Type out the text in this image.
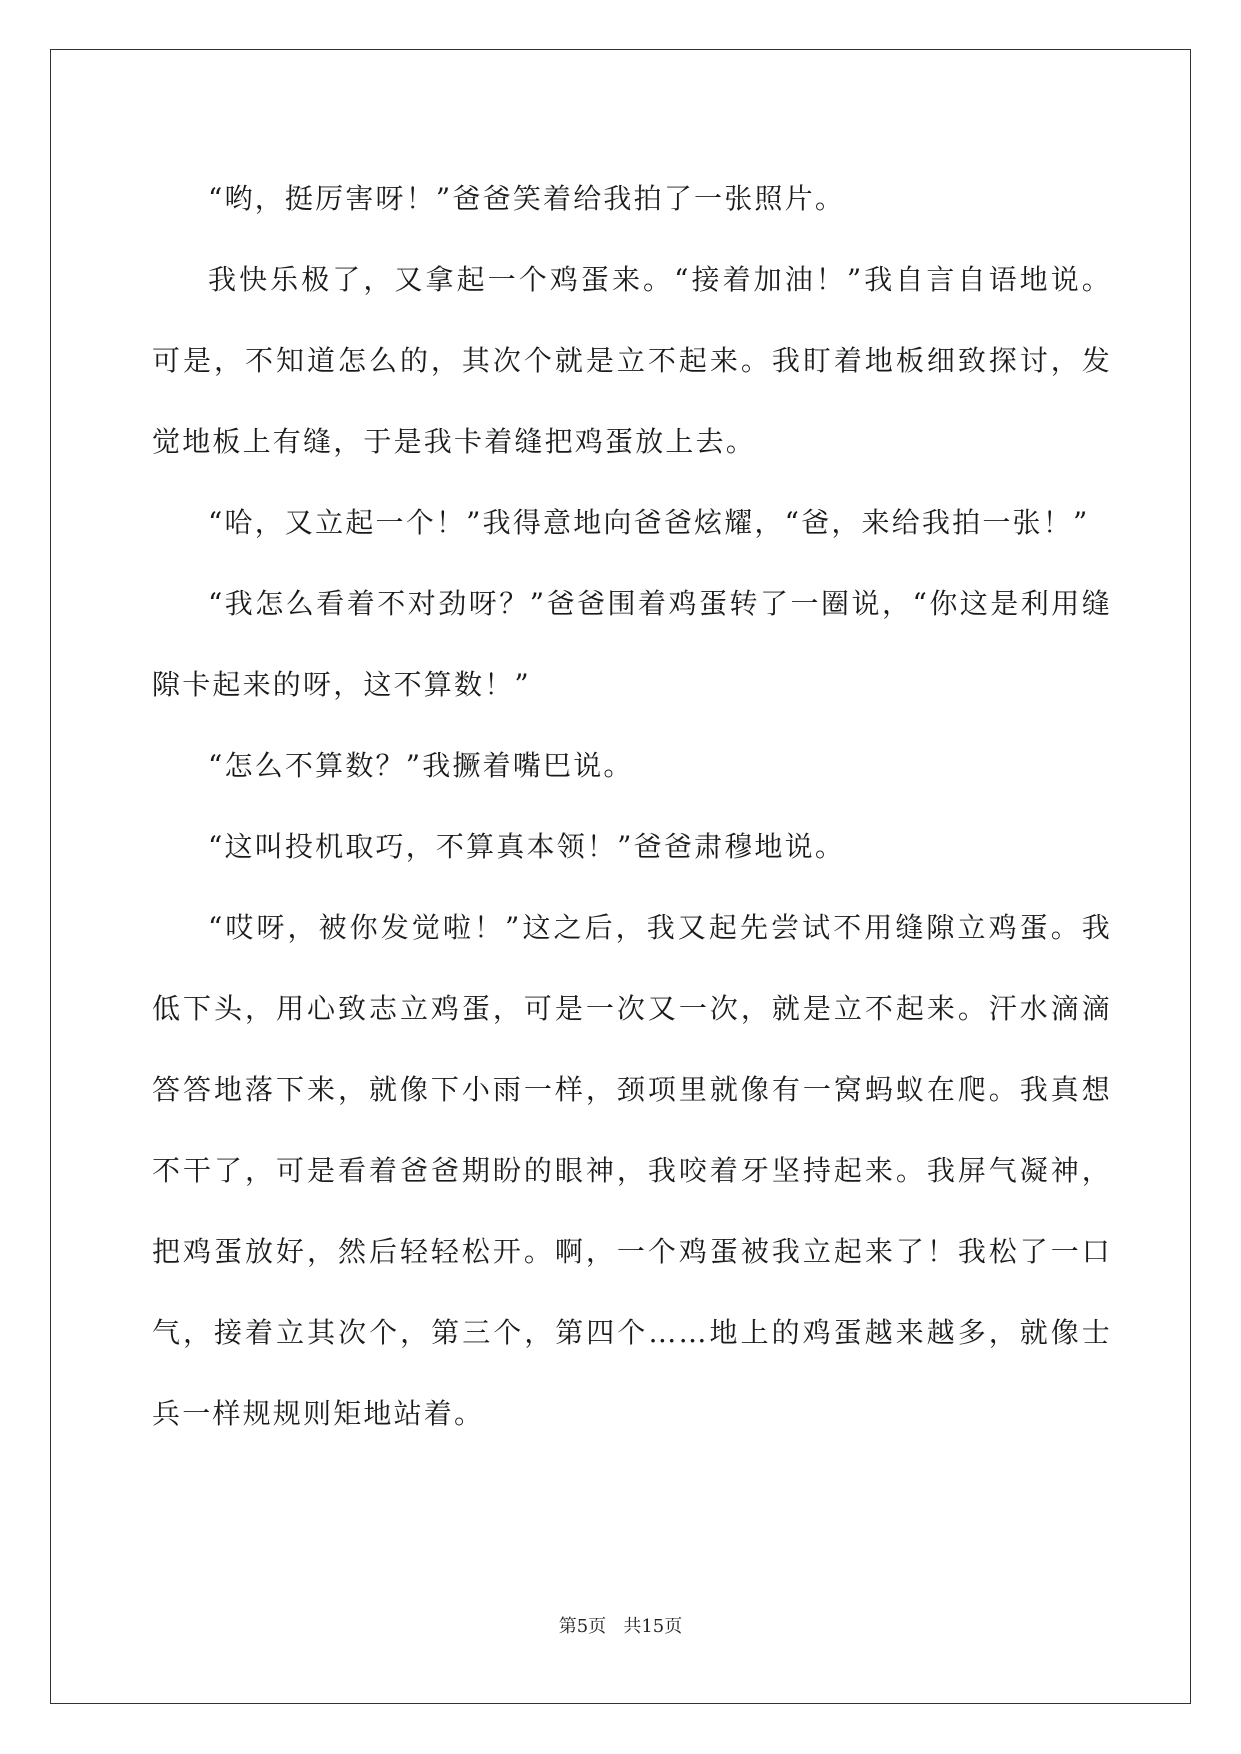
“哟，挺厉害呀！”爸爸笑着给我拍了一张照片。

我快乐极了，又拿起一个鸡蛋来。“接着加油！”我自言自语地说。可是，不知道怎么的，其次个就是立不起来。我盯着地板细致探讨，发觉地板上有缝，于是我卡着缝把鸡蛋放上去。

“哈，又立起一个！”我得意地向爸爸炫耀，“爸，来给我拍一张！”

“我怎么看着不对劲呀？”爸爸围着鸡蛋转了一圈说，“你这是利用缝隙卡起来的呀，这不算数！”

“怎么不算数？”我撅着嘴巴说。

“这叫投机取巧，不算真本领！”爸爸肃穆地说。

“哎呀，被你发觉啦！”这之后，我又起先尝试不用缝隙立鸡蛋。我低下头，用心致志立鸡蛋，可是一次又一次，就是立不起来。汗水滴滴答答地落下来，就像下小雨一样，颈项里就像有一窝蚂蚁在爬。我真想不干了，可是看着爸爸期盼的眼神，我咬着牙坚持起来。我屏气凝神，把鸡蛋放好，然后轻轻松开。啊，一个鸡蛋被我立起来了！我松了一口气，接着立其次个，第三个，第四个……地上的鸡蛋越来越多，就像士兵一样规规则矩地站着。

第5页   共15页
